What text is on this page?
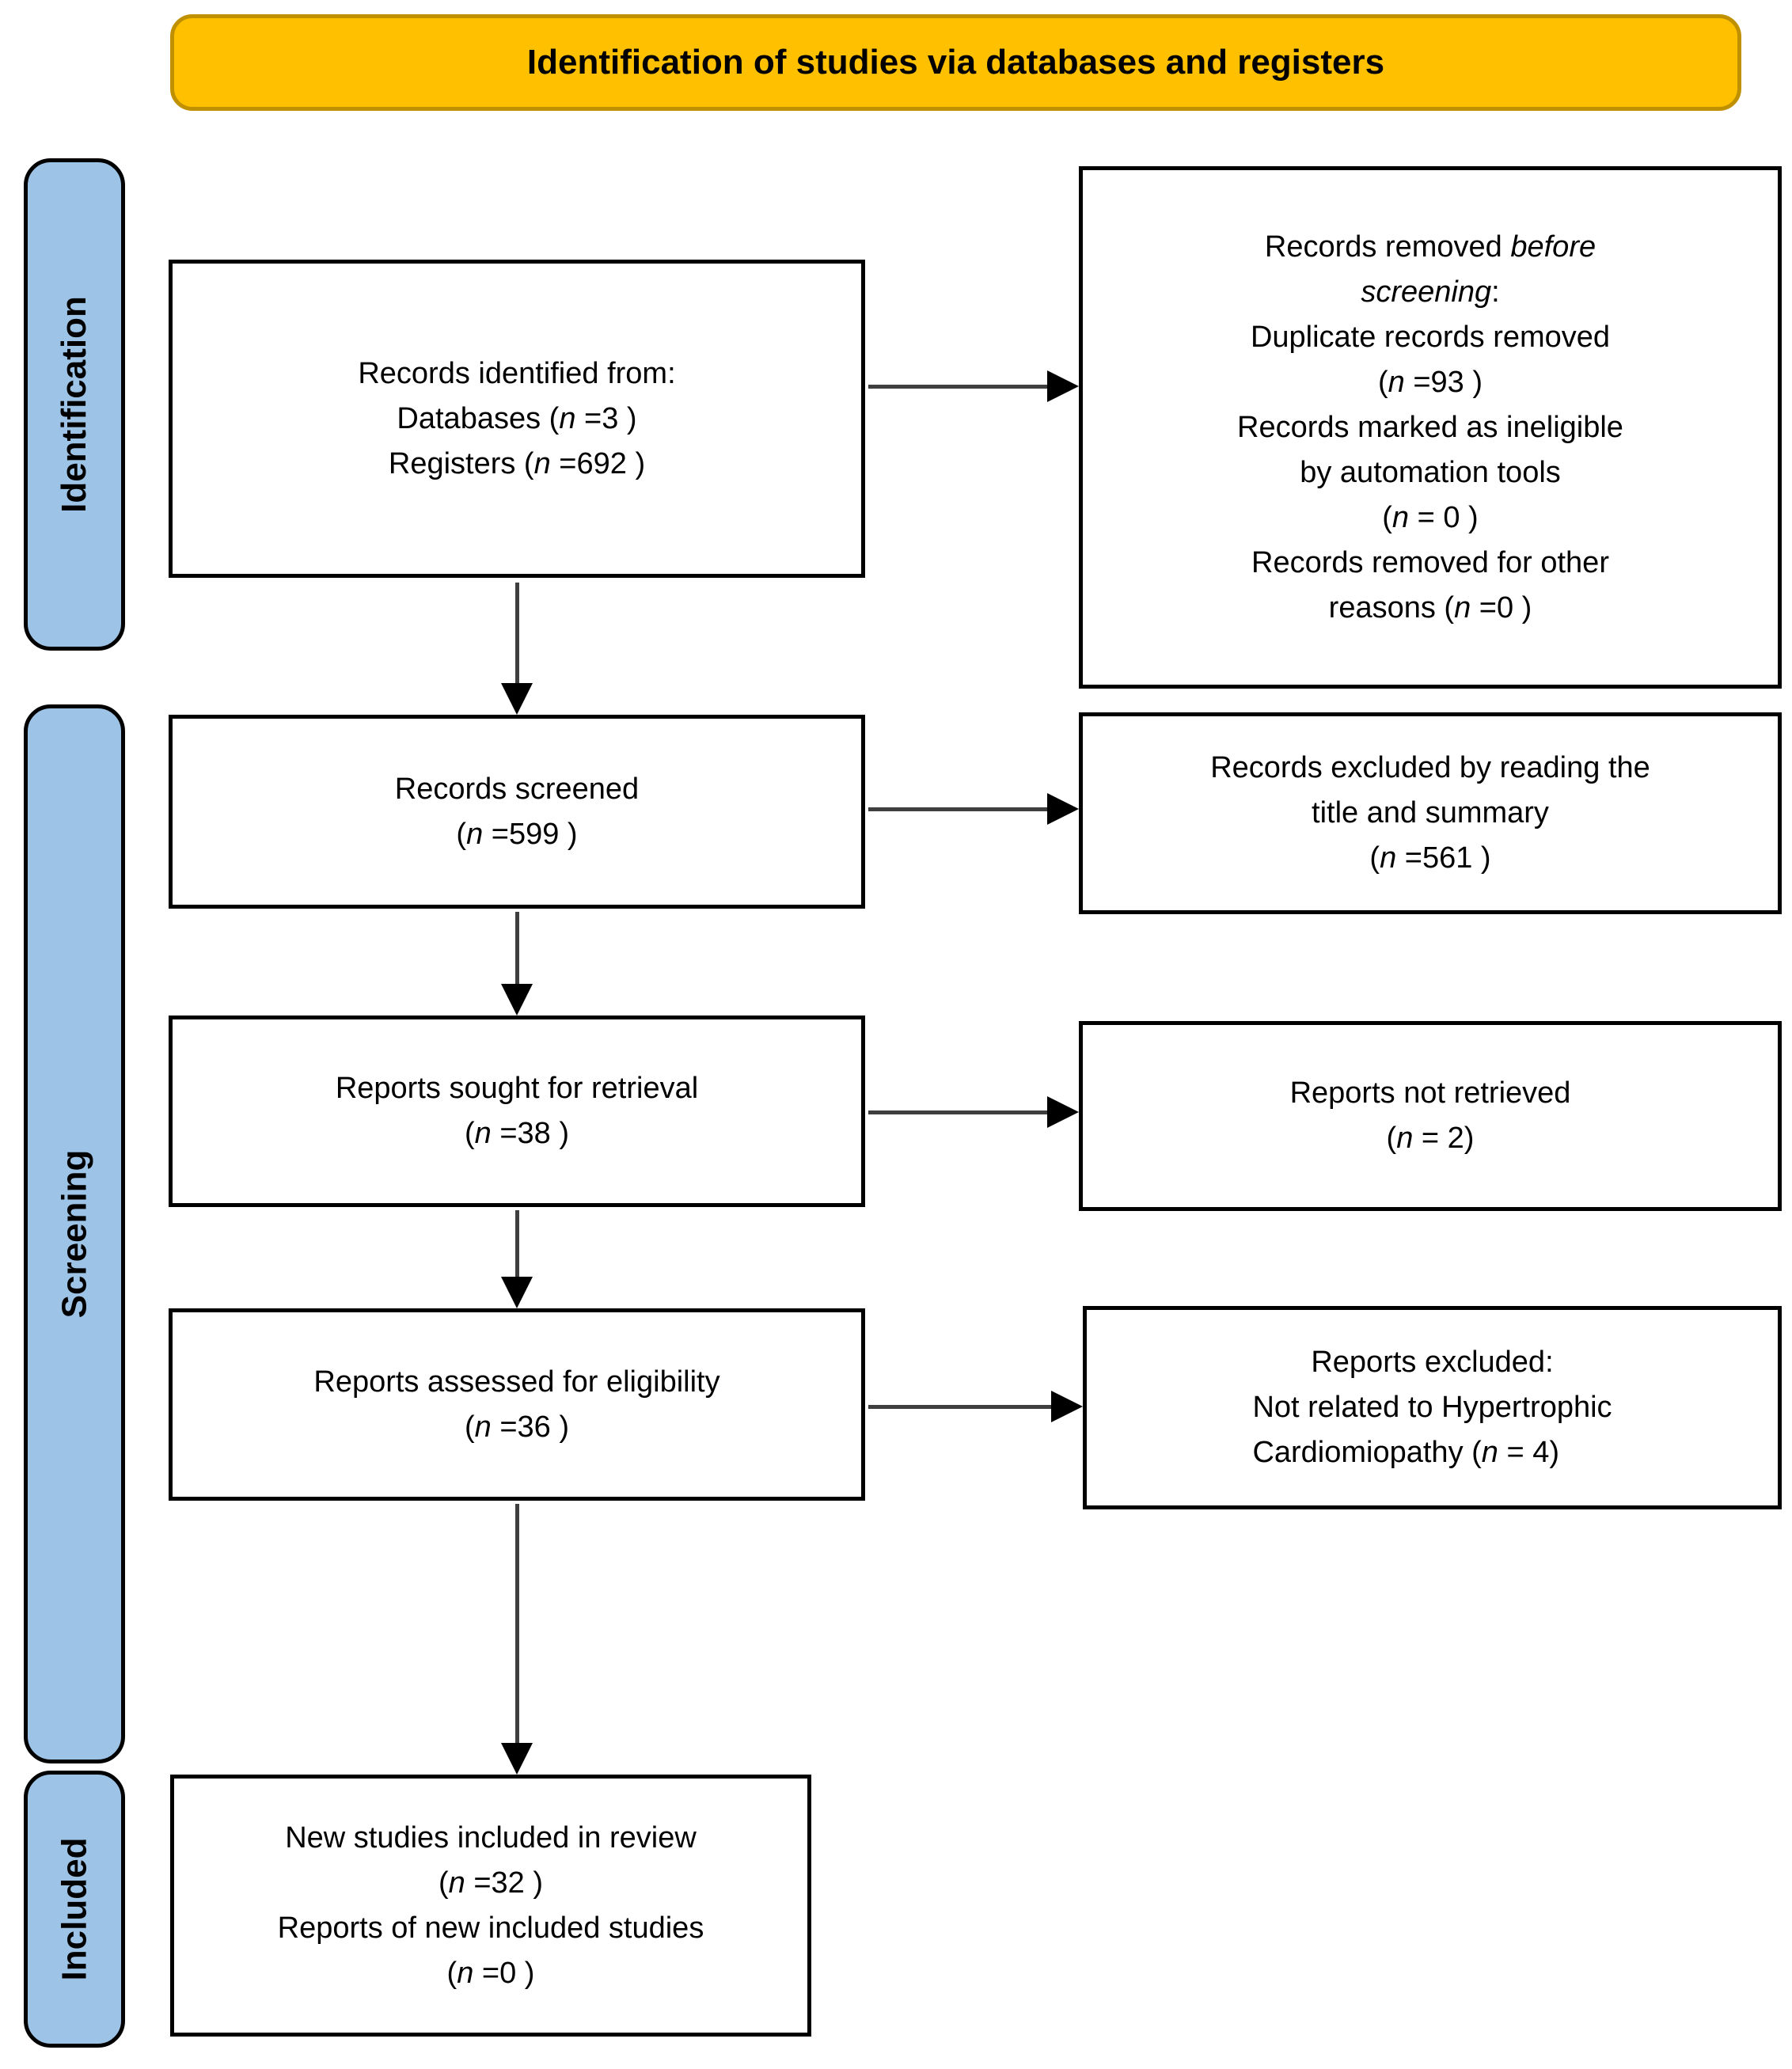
Identification of studies via databases and registers
Identification
Screening
Included
Records identified from:
Databases (n =3 )
Registers (n =692 )
Records removed before
screening:
Duplicate records removed
(n =93 )
Records marked as ineligible
by automation tools
(n = 0 )
Records removed for other
reasons (n =0 )
Records screened
(n =599 )
Records excluded by reading the
title and summary
(n =561 )
Reports sought for retrieval
(n =38 )
Reports not retrieved
(n = 2)
Reports assessed for eligibility
(n =36 )
Reports excluded:
Not related to Hypertrophic
Cardiomiopathy (n = 4)
New studies included in review
(n =32 )
Reports of new included studies
(n =0 )
